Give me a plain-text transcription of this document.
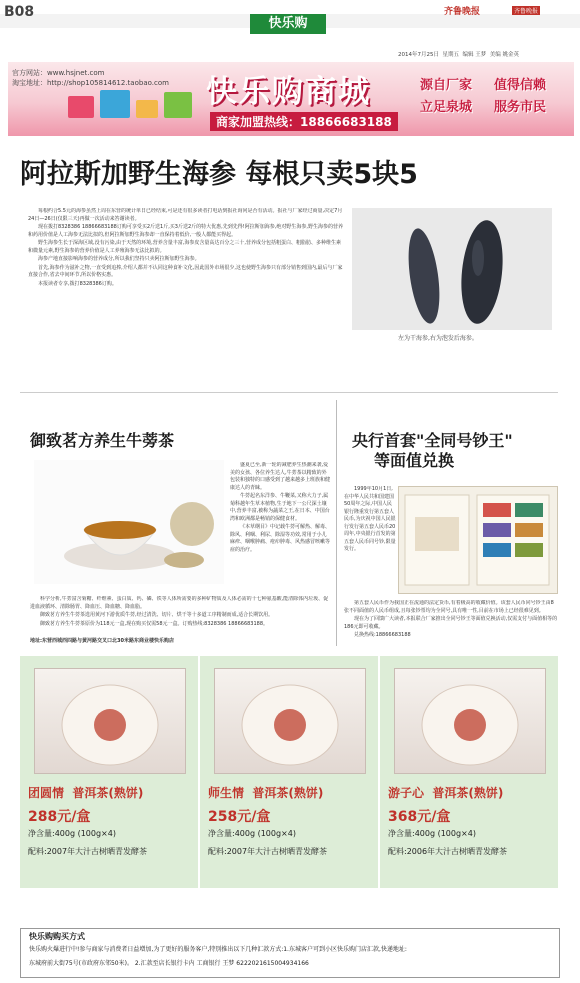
B08
快乐购
齐鲁晚报	齐鲁晚报
2014年7月25日 星期五 编辑 王梦 美编 姚金英
官方网站：www.hsjnet.com
淘宝地址：http://shop105814612.taobao.com 快乐购商城
商家加盟热线：18866683188
源自厂家 值得信赖
立足泉城 服务市民
阿拉斯加野生海参 每根只卖5块5

每根约合5.5元的海参虽然上周在东营的统计单日已经结束,可是还有很多读者打电话到报社询问是否有活动。报社与厂家经过商量,决定7月24日—26日(仅限三天)再做一次活动来答谢读者。

现在拨打8328386 18866683188订购可享受买2斤送1斤,买3斤送2斤的特大优惠,先到先得!阿拉斯加海参,绝对野生海参,野生海参的营养和药用价值是人工海参无法比拟的,但阿拉斯加野生海参却一直保持着低价,一般人都能买得起。

野生海参生长于深海区域,没有污染,由于天然的环境,营养含量丰富,海参皮含量高达百分之三十,营养成分包括粗蛋白、粗脂肪、多种维生素和微量元素,野生海参的营养价值是人工养殖海参无法比拟的。

海参产地直接影响海参的营养成分,所以我们坚持只卖阿拉斯加野生海参。

首先,海参作为滋补之物,一直受到追捧,介绍人都并不认同这种食补文化,因此国外市场很少,这也使野生海参只有部分销售到国内,最后与厂家直接合作,省去中间环节,所以价格实惠。

本报读者专享,拨打8328386订购。

左为干海参,右为泡发后海参。
御致茗方养生牛蒡茶

盛夏已至,新一轮的减肥养生热潮来袭,爱美的女孩、各位养生达人,牛蒡茶以精致的外包装和独特的口感受到了越来越多上班族和健康达人的青睐。

牛蒡起名东洋参、牛鞭菜,又称大力子,属菊科越年生草本植物,生于地下一公尺深土壤中,营养丰富,被称为蔬菜之王,在日本、中国台湾和欧洲都是畅销的保健食材。

《本草纲目》中记载牛蒡可解热、解毒、除风、利咽、利尿、除湿等功效,常用于小儿麻疹、咽喉肿痛、疮疖肿毒、风热感冒咳嗽等症的治疗。

科学分析,牛蒡富含菊糖、纤维素、蛋白质、钙、磷、铁等人体所需要的多种矿物质及人体必需的十七种氨基酸,能清除体内垃圾、促进血液循环、清除肠胃、降血压、降血糖、降血脂。

御致茗方养生牛蒡茶选用黄河下游优质牛蒡,经过清洗、切片、烘干等十多道工序精制而成,适合长期饮用。

御致茗方养生牛蒡茶原价为118元一盒,现在购买仅需58元一盒。订购热线:8328386 18866683188。

地址:东营西城西四路与黄河路交叉口北30米路东商业楼快乐购店
央行首套"全同号钞王"
等面值兑换

1999年10月1日,在中华人民共和国建国50周年之际,中国人民银行隆重发行第五套人民币,为庆祝中国人民银行发行第五套人民币20周年,中央银行首发的第五套人民币同号钞,限量发行。

第五套人民币作为我国正在流通的法定货币,有着极高的收藏价值。该套人民币同号钞王由8张不同面值的人民币组成,且每张钞票均为全同号,具有唯一性,目前在市场上已经很难见到。

现在为了回馈广大读者,本报联合厂家推出全同号钞王等面值兑换活动,仅需支付与面值相等的186元即可收藏。

兑换热线:18866683188

团圆情 普洱茶(熟饼)
288元/盒
净含量:400g (100g×4)
配料:2007年大汁古树晒青发酵茶
师生情 普洱茶(熟饼)
258元/盒
净含量:400g (100g×4)
配料:2007年大汁古树晒青发酵茶
游子心 普洱茶(熟饼)
368元/盒
净含量:400g (100g×4)
配料:2006年大汁古树晒青发酵茶
快乐购购买方式
快乐购火爆进行中!参与商家与消费者日益增加,为了更好的服务客户,特别推出以下几种汇款方式:1.东城客户可到小区快乐购门店汇款,快递地址:
东城府前大街75号(市政府东邻50米)。 2.汇款至店长银行卡内 工商银行 王梦 6222021615004934166
